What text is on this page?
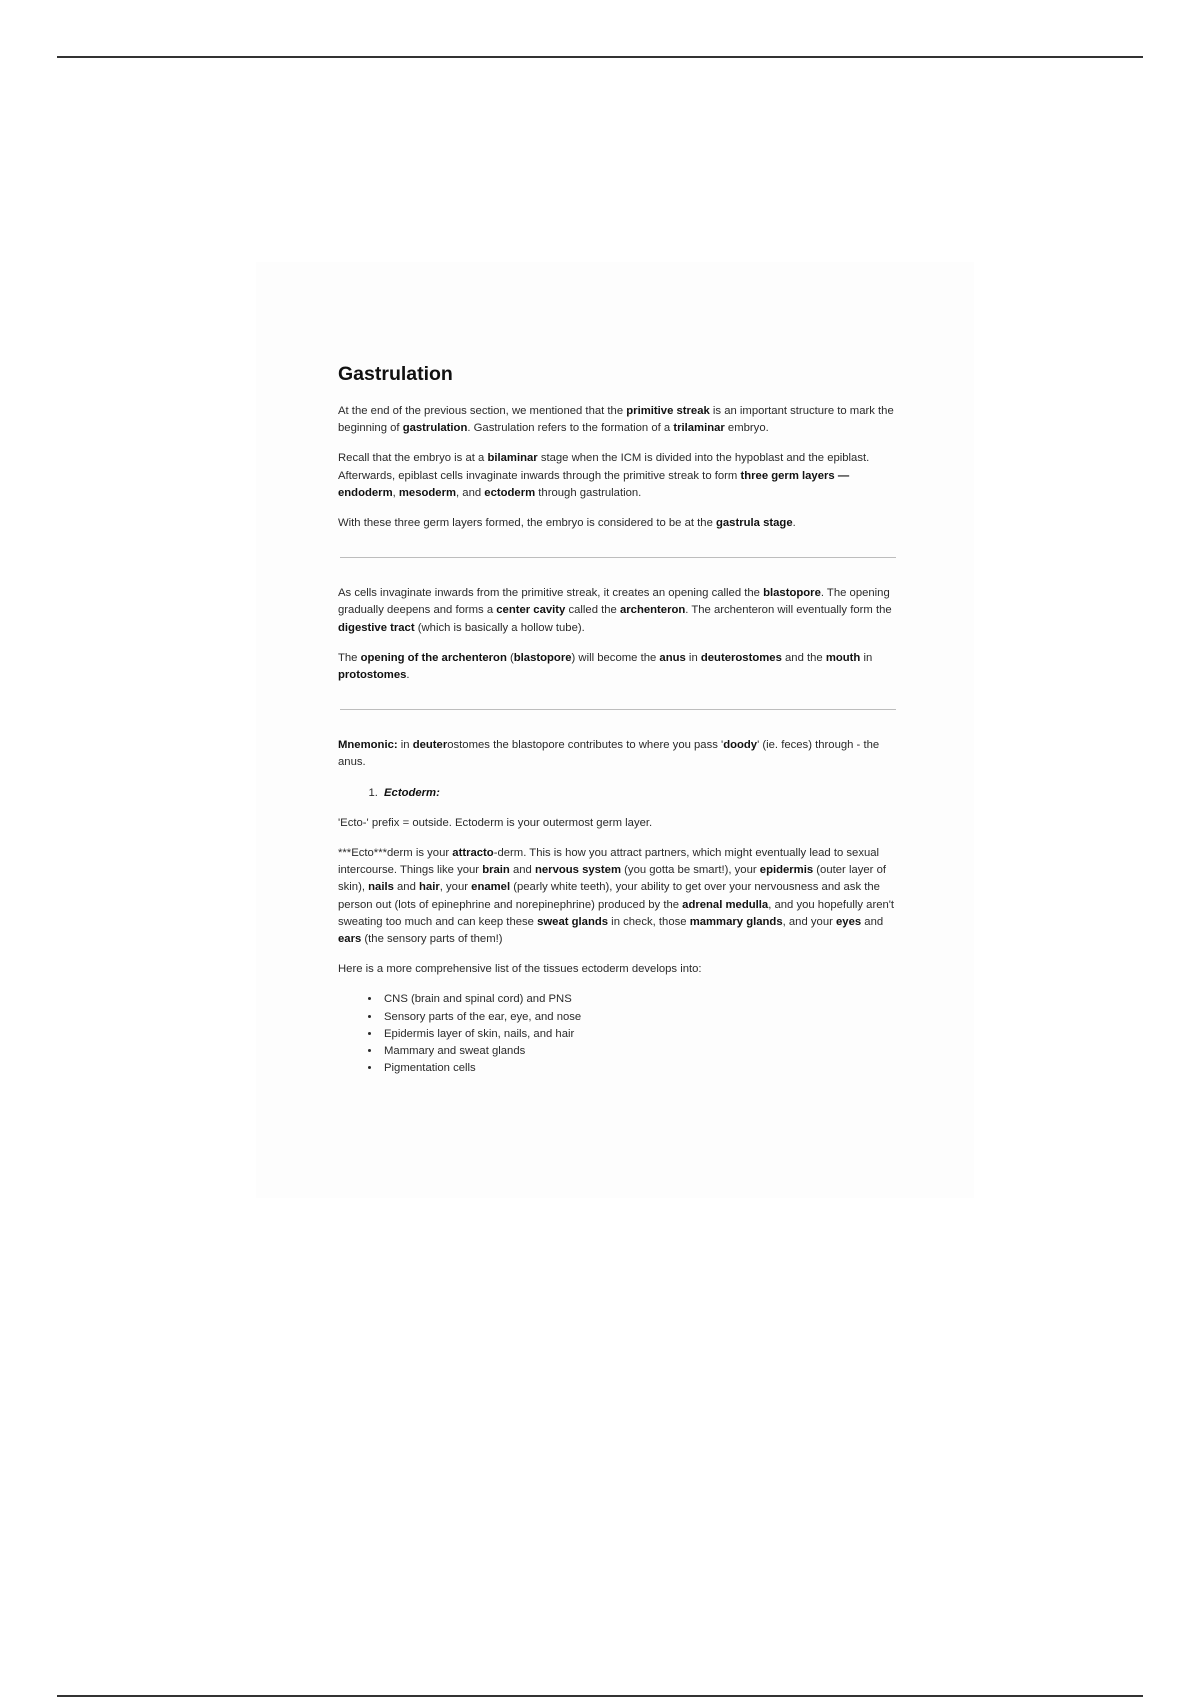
Gastrulation

At the end of the previous section, we mentioned that the primitive streak is an important structure to mark the beginning of gastrulation. Gastrulation refers to the formation of a trilaminar embryo.

Recall that the embryo is at a bilaminar stage when the ICM is divided into the hypoblast and the epiblast. Afterwards, epiblast cells invaginate inwards through the primitive streak to form three germ layers — endoderm, mesoderm, and ectoderm through gastrulation.

With these three germ layers formed, the embryo is considered to be at the gastrula stage.

As cells invaginate inwards from the primitive streak, it creates an opening called the blastopore. The opening gradually deepens and forms a center cavity called the archenteron. The archenteron will eventually form the digestive tract (which is basically a hollow tube).

The opening of the archenteron (blastopore) will become the anus in deuterostomes and the mouth in protostomes.

Mnemonic: in deuterostomes the blastopore contributes to where you pass 'doody' (ie. feces) through - the anus.

1. Ectoderm:

'Ecto-' prefix = outside. Ectoderm is your outermost germ layer.

***Ecto***derm is your attracto-derm. This is how you attract partners, which might eventually lead to sexual intercourse. Things like your brain and nervous system (you gotta be smart!), your epidermis (outer layer of skin), nails and hair, your enamel (pearly white teeth), your ability to get over your nervousness and ask the person out (lots of epinephrine and norepinephrine) produced by the adrenal medulla, and you hopefully aren't sweating too much and can keep these sweat glands in check, those mammary glands, and your eyes and ears (the sensory parts of them!)

Here is a more comprehensive list of the tissues ectoderm develops into:

• CNS (brain and spinal cord) and PNS
• Sensory parts of the ear, eye, and nose
• Epidermis layer of skin, nails, and hair
• Mammary and sweat glands
• Pigmentation cells
